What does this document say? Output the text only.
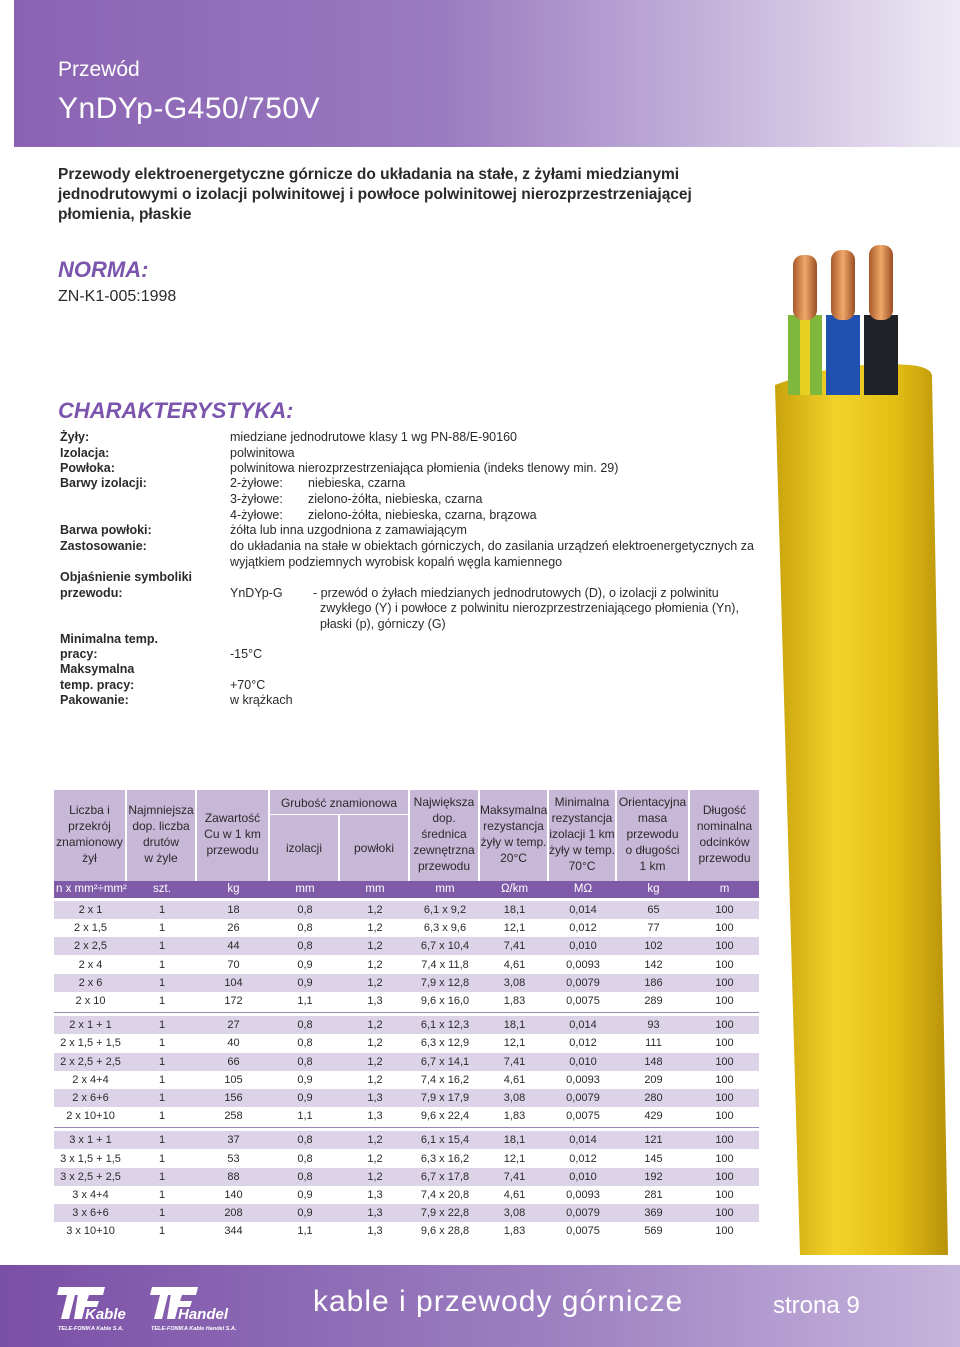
Przewód
YnDYp-G450/750V
Przewody elektroenergetyczne górnicze do układania na stałe, z żyłami miedzianymi jednodrutowymi o izolacji polwinitowej i powłoce polwinitowej nierozprzestrzeniającej płomienia, płaskie
NORMA:
ZN-K1-005:1998
CHARAKTERYSTYKA:
Żyły:	miedziane jednodrutowe klasy 1 wg PN-88/E-90160
Izolacja:	polwinitowa
Powłoka:	polwinitowa nierozprzestrzeniająca płomienia (indeks tlenowy min. 29)
Barwy izolacji:	2-żyłowe: niebieska, czarna
3-żyłowe: zielono-żółta, niebieska, czarna
4-żyłowe: zielono-żółta, niebieska, czarna, brązowa
Barwa powłoki:	żółta lub inna uzgodniona z zamawiającym
Zastosowanie:	do układania na stałe w obiektach górniczych, do zasilania urządzeń elektroenergetycznych za
wyjątkiem podziemnych wyrobisk kopalń węgla kamiennego
Objaśnienie symboliki
przewodu:	YnDYp-G - przewód o żyłach miedzianych jednodrutowych (D), o izolacji z polwinitu
zwykłego (Y) i powłoce z polwinitu nierozprzestrzeniającego płomienia (Yn),
płaski (p), górniczy (G)
Minimalna temp.
pracy:	-15°C
Maksymalna
temp. pracy:	+70°C
Pakowanie:	w krążkach
Liczba i
przekrój
znamionowy
żył
Najmniejsza
dop. liczba
drutów
w żyle
Zawartość
Cu w 1 km
przewodu
Grubość znamionowa
izolacji	powłoki
Największa
dop.
średnica
zewnętrzna
przewodu
Maksymalna
rezystancja
żyły w temp.
20°C
Minimalna
rezystancja
izolacji 1 km
żyły w temp.
70°C
Orientacyjna
masa
przewodu
o długości
1 km
Długość
nominalna
odcinków
przewodu
n x mm²÷mm²	szt.	kg	mm	mm	mm	Ω/km	MΩ	kg	m
2 x 1	1	18	0,8	1,2	6,1 x 9,2	18,1	0,014	65	100
2 x 1,5	1	26	0,8	1,2	6,3 x 9,6	12,1	0,012	77	100
2 x 2,5	1	44	0,8	1,2	6,7 x 10,4	7,41	0,010	102	100
2 x 4	1	70	0,9	1,2	7,4 x 11,8	4,61	0,0093	142	100
2 x 6	1	104	0,9	1,2	7,9 x 12,8	3,08	0,0079	186	100
2 x 10	1	172	1,1	1,3	9,6 x 16,0	1,83	0,0075	289	100
2 x 1 + 1	1	27	0,8	1,2	6,1 x 12,3	18,1	0,014	93	100
2 x 1,5 + 1,5	1	40	0,8	1,2	6,3 x 12,9	12,1	0,012	111	100
2 x 2,5 + 2,5	1	66	0,8	1,2	6,7 x 14,1	7,41	0,010	148	100
2 x 4+4	1	105	0,9	1,2	7,4 x 16,2	4,61	0,0093	209	100
2 x 6+6	1	156	0,9	1,3	7,9 x 17,9	3,08	0,0079	280	100
2 x 10+10	1	258	1,1	1,3	9,6 x 22,4	1,83	0,0075	429	100
3 x 1 + 1	1	37	0,8	1,2	6,1 x 15,4	18,1	0,014	121	100
3 x 1,5 + 1,5	1	53	0,8	1,2	6,3 x 16,2	12,1	0,012	145	100
3 x 2,5 + 2,5	1	88	0,8	1,2	6,7 x 17,8	7,41	0,010	192	100
3 x 4+4	1	140	0,9	1,3	7,4 x 20,8	4,61	0,0093	281	100
3 x 6+6	1	208	0,9	1,3	7,9 x 22,8	3,08	0,0079	369	100
3 x 10+10	1	344	1,1	1,3	9,6 x 28,8	1,83	0,0075	569	100
Kable
TELE-FONIKA Kable S.A.
Handel
TELE-FONIKA Kable Handel S.A.
kable i przewody górnicze	strona 9
